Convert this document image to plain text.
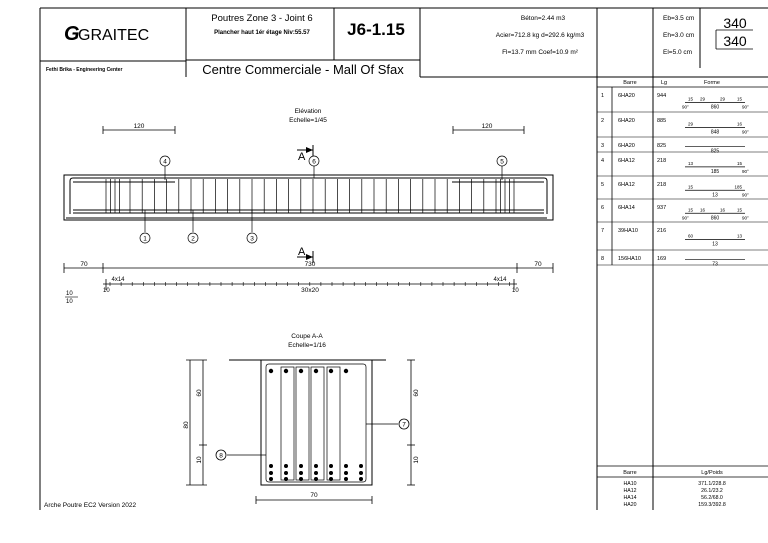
G
GRAITEC
Fethi Brika - Engineering Center
Poutres Zone 3 - Joint 6
Plancher haut 1ér étage Niv:55.57
Centre Commerciale - Mall Of Sfax
J6-1.15
Béton=2.44 m3
Acier=712.8 kg d=292.6 kg/m3
Fl=13.7 mm Coef=10.9 m²
Eb=3.5 cm
Eh=3.0 cm
El=5.0 cm
340
340
Elévation
Echelle=1/45
120	120
A
1	2	3
4	6	5
A
70	730	70
4x14
30x20
4x14
10
10
10	10
Coupe A-A
Echelle=1/16
80
60
10
60
10
70
8
7
Arche Poutre EC2 Version 2022
Barre	Lg	Forme
1	6HA20	944
860
15	15
29	29
90°	90°
2	6HA20	885
848
29	16
90°
3	6HA20	825
825
4	6HA12	218
185
13	15
90°
5	6HA12	218
13
15	185
90°
6	6HA14	937
860
15	15
16	16
90°	90°
7	39HA10	216
13
60	13
8	156HA10	169
73
Barre	Lg/Poids
HA10	371.1/228.8
HA12	26.1/23.2
HA14	56.2/68.0
HA20	159.3/392.8
